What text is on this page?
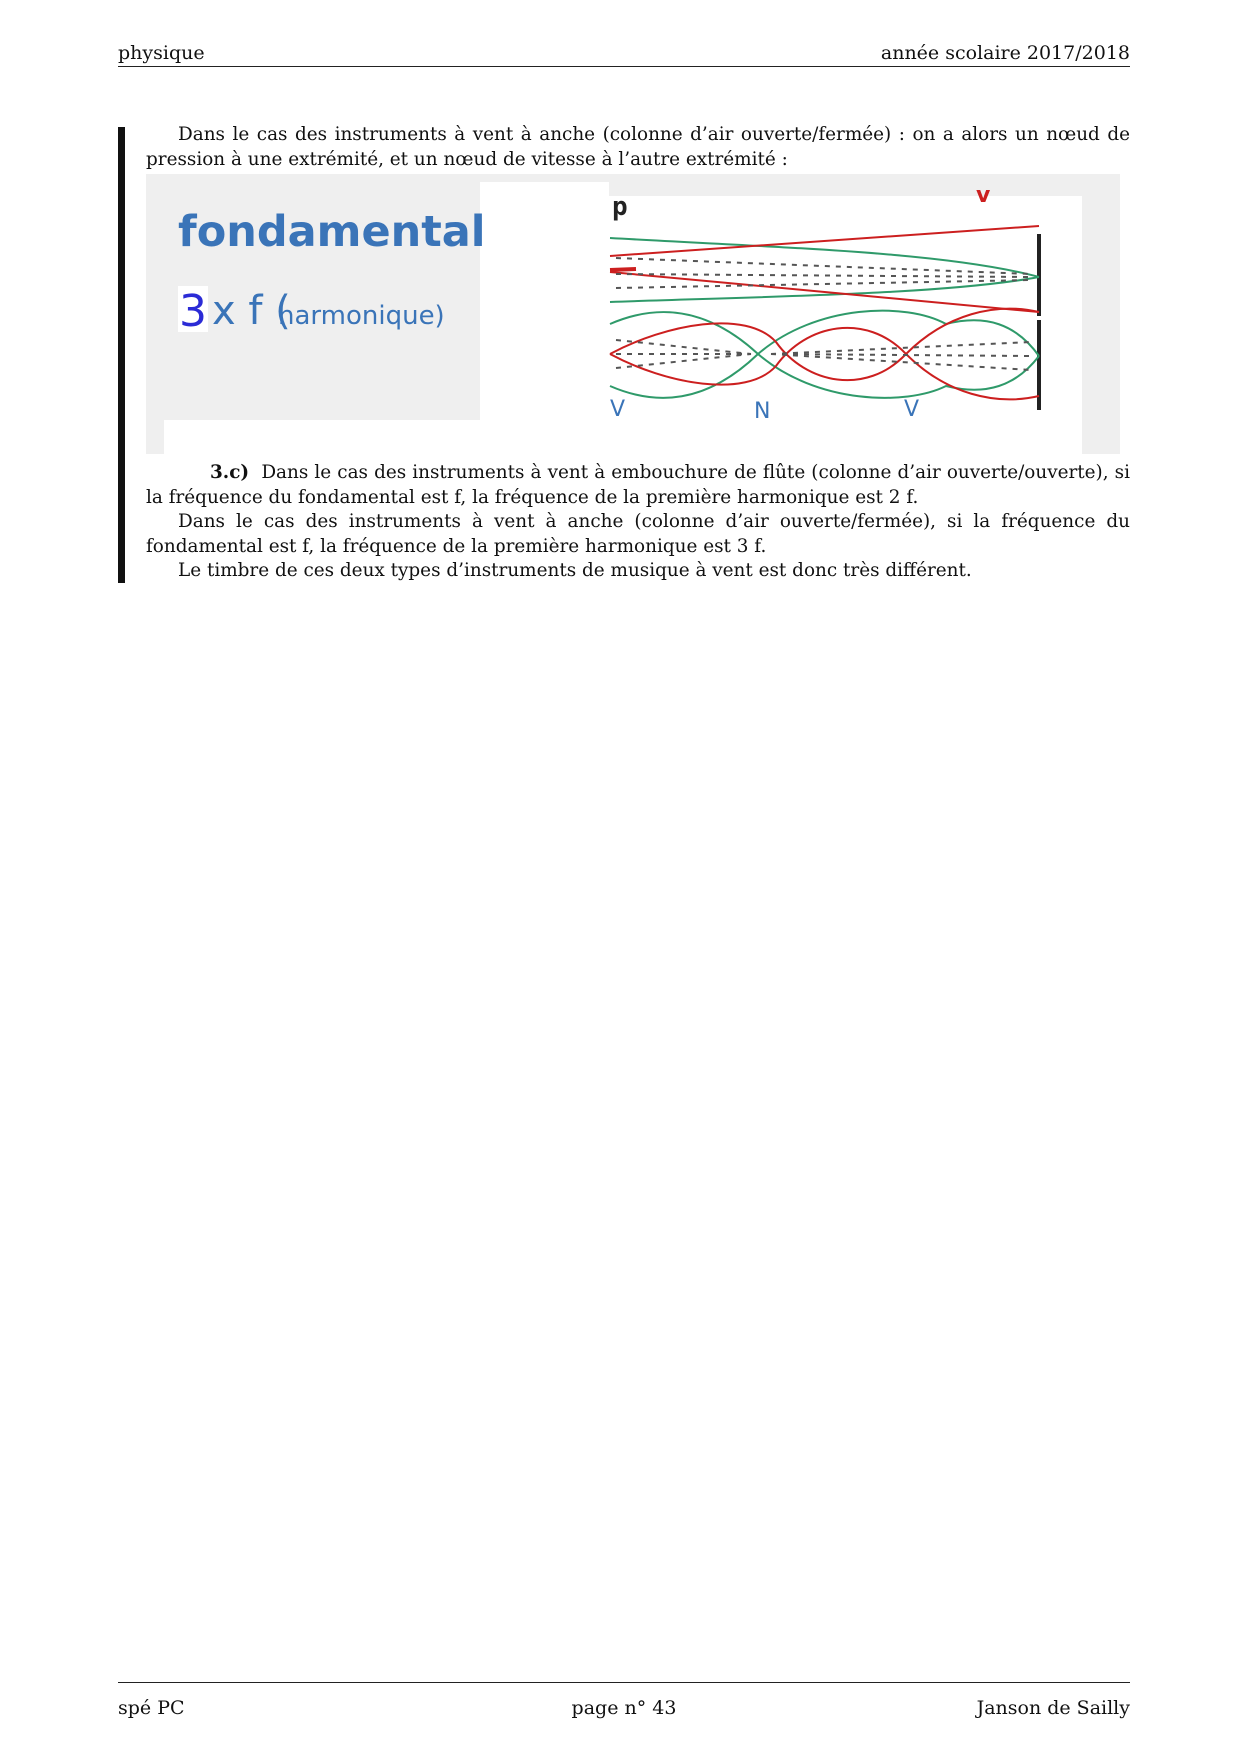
physique	année scolaire 2017/2018

Dans le cas des instruments à vent à anche (colonne d’air ouverte/fermée) : on a alors un nœud de pression à une extrémité, et un nœud de vitesse à l’autre extrémité :

fondamental
3 x f (
harmonique)
p	v
V	N	V

3.c) Dans le cas des instruments à vent à embouchure de flûte (colonne d’air ouverte/ouverte), si la fréquence du fondamental est f, la fréquence de la première harmonique est 2 f.

Dans le cas des instruments à vent à anche (colonne d’air ouverte/fermée), si la fréquence du fondamental est f, la fréquence de la première harmonique est 3 f.

Le timbre de ces deux types d’instruments de musique à vent est donc très différent.

spé PC	page n° 43	Janson de Sailly
